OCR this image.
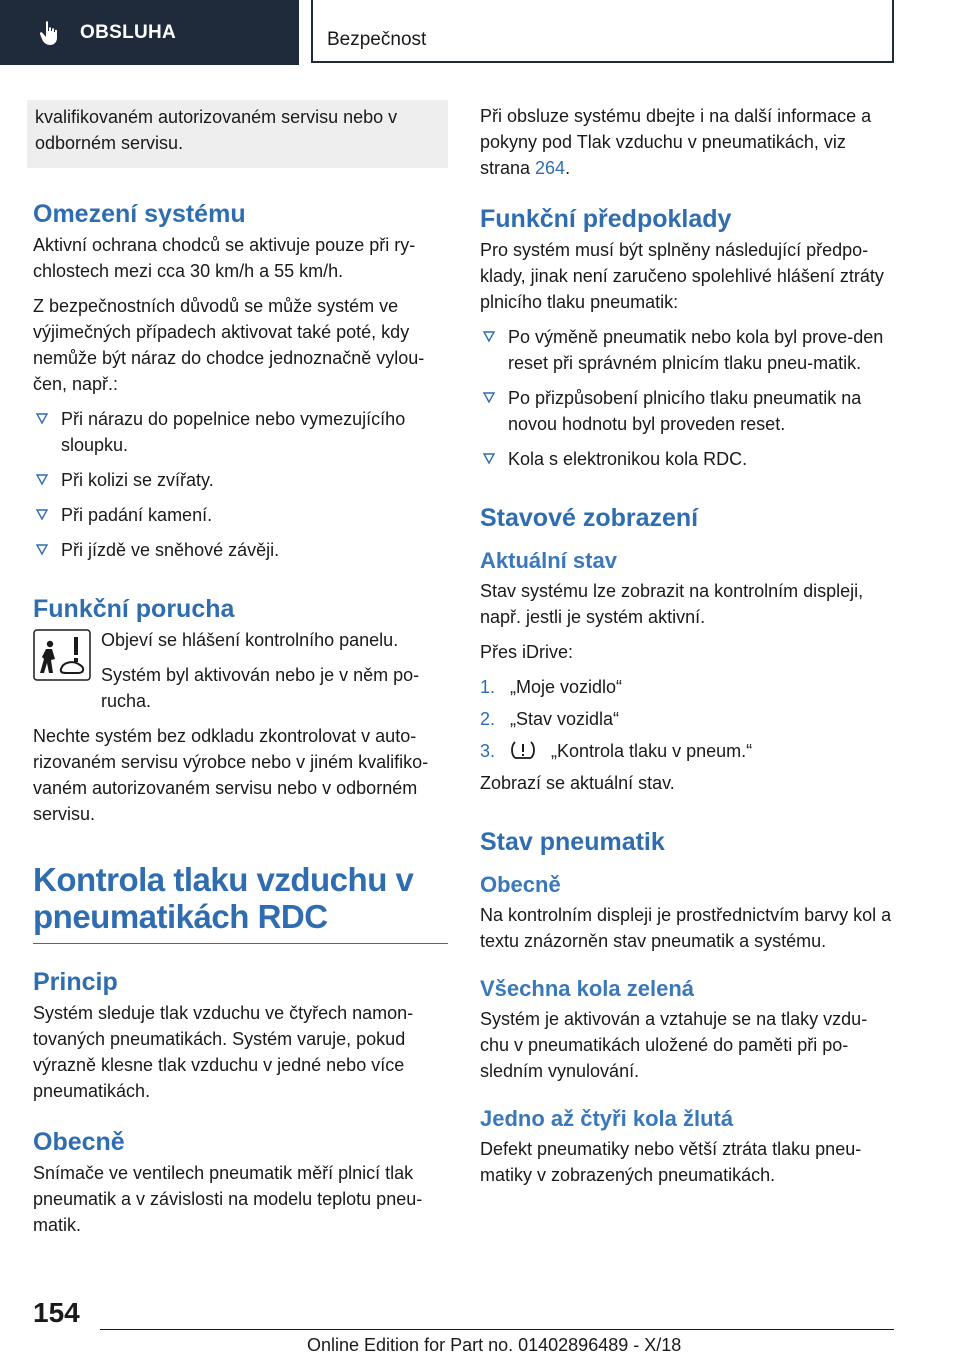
OBSLUHA	Bezpečnost
kvalifikovaném autorizovaném servisu nebo v odborném servisu.
Omezení systému

Aktivní ochrana chodců se aktivuje pouze při ry-chlostech mezi cca 30 km/h a 55 km/h.

Z bezpečnostních důvodů se může systém ve výjimečných případech aktivovat také poté, kdy nemůže být náraz do chodce jednoznačně vylou-čen, např.:

Při nárazu do popelnice nebo vymezujícího sloupku.
Při kolizi se zvířaty.
Při padání kamení.
Při jízdě ve sněhové závěji.
Funkční porucha

Objeví se hlášení kontrolního panelu.

Systém byl aktivován nebo je v něm po-rucha.

Nechte systém bez odkladu zkontrolovat v auto-rizovaném servisu výrobce nebo v jiném kvalifiko-vaném autorizovaném servisu nebo v odborném servisu.

Kontrola tlaku vzduchu v pneumatikách RDC
Princip

Systém sleduje tlak vzduchu ve čtyřech namon-tovaných pneumatikách. Systém varuje, pokud výrazně klesne tlak vzduchu v jedné nebo více pneumatikách.

Obecně

Snímače ve ventilech pneumatik měří plnicí tlak pneumatik a v závislosti na modelu teplotu pneu-matik.

Při obsluze systému dbejte i na další informace a pokyny pod Tlak vzduchu v pneumatikách, viz strana 264.

Funkční předpoklady

Pro systém musí být splněny následující předpo-klady, jinak není zaručeno spolehlivé hlášení ztráty plnicího tlaku pneumatik:

Po výměně pneumatik nebo kola byl prove-den reset při správném plnicím tlaku pneu-matik.
Po přizpůsobení plnicího tlaku pneumatik na novou hodnotu byl proveden reset.
Kola s elektronikou kola RDC.
Stavové zobrazení
Aktuální stav

Stav systému lze zobrazit na kontrolním displeji, např. jestli je systém aktivní.

Přes iDrive:

1. „Moje vozidlo“
2. „Stav vozidla“
3.	„Kontrola tlaku v pneum.“

Zobrazí se aktuální stav.

Stav pneumatik
Obecně

Na kontrolním displeji je prostřednictvím barvy kol a textu znázorněn stav pneumatik a systému.

Všechna kola zelená

Systém je aktivován a vztahuje se na tlaky vzdu-chu v pneumatikách uložené do paměti při po-sledním vynulování.

Jedno až čtyři kola žlutá

Defekt pneumatiky nebo větší ztráta tlaku pneu-matiky v zobrazených pneumatikách.

154
Online Edition for Part no. 01402896489 - X/18
